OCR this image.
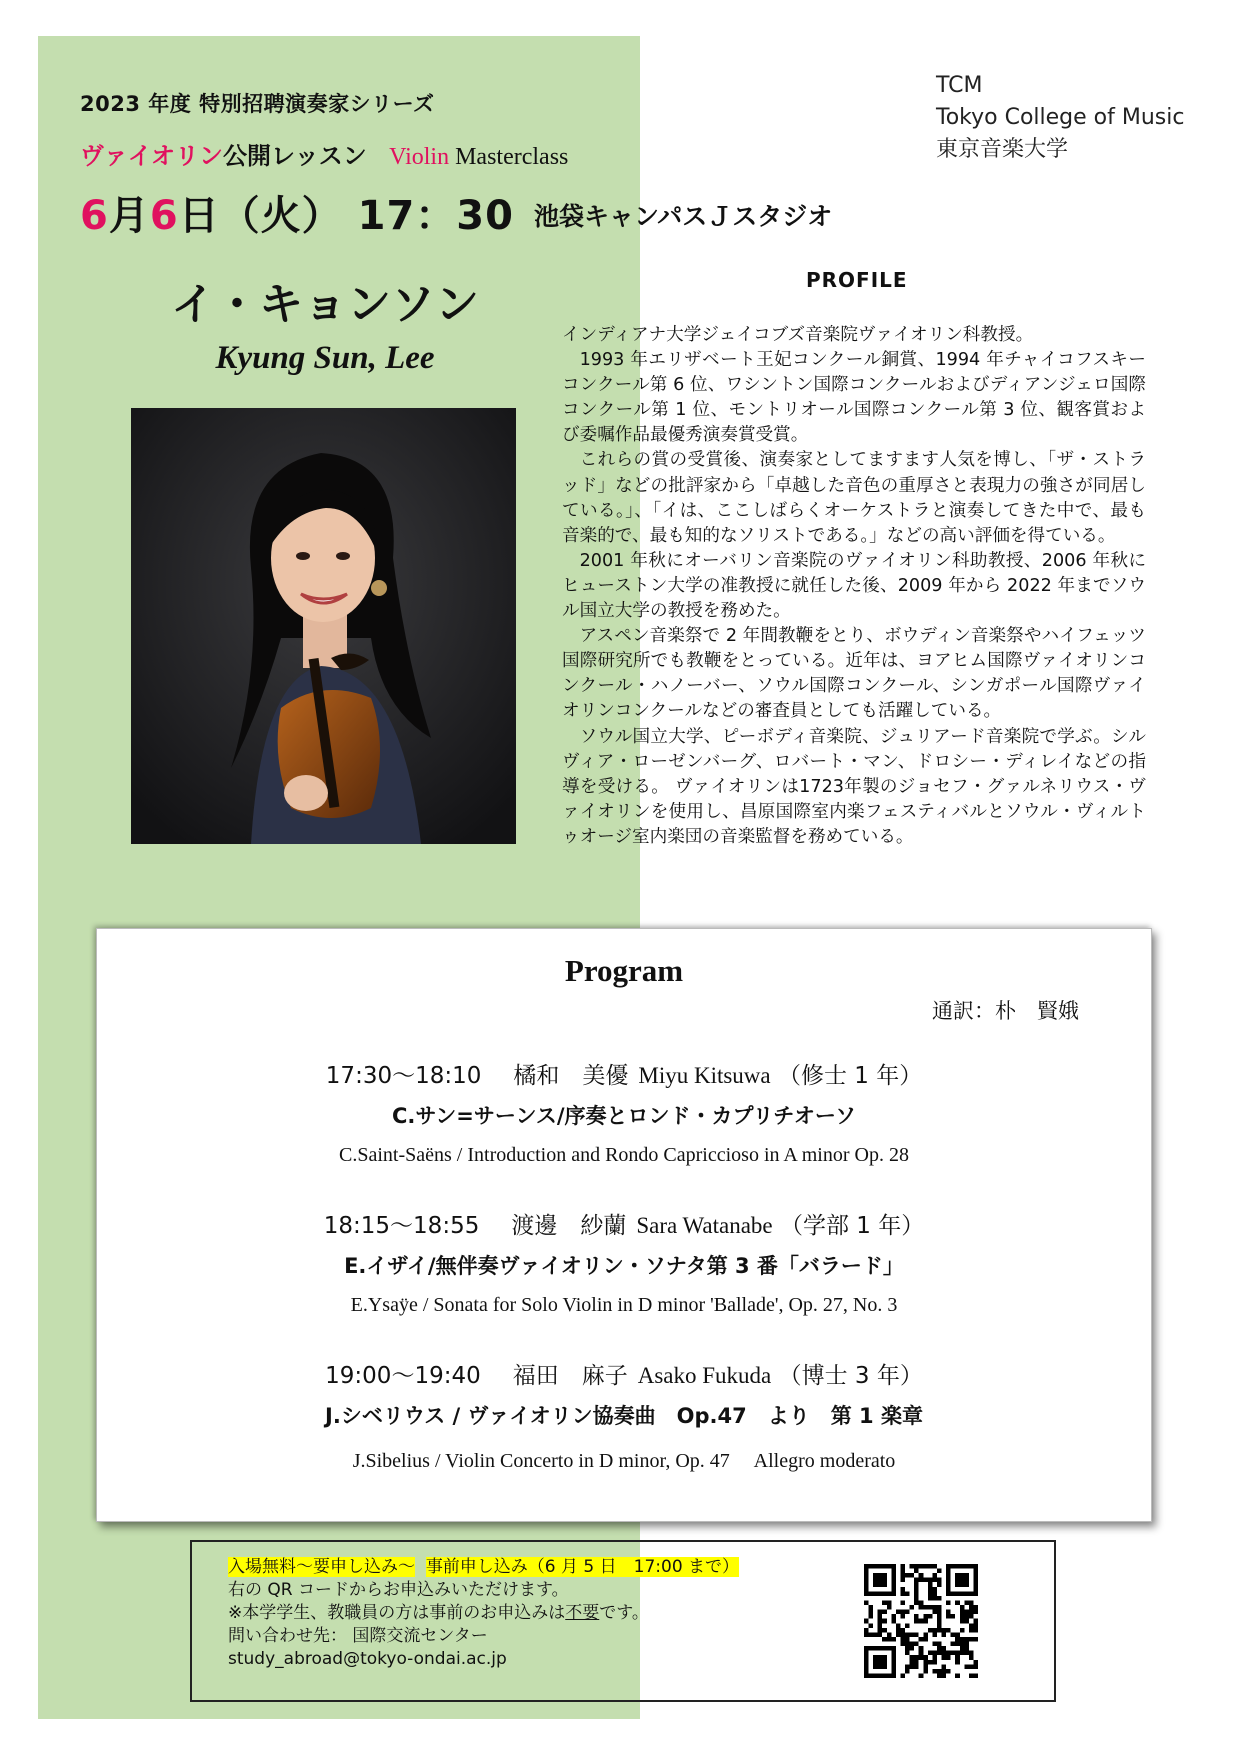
2023 年度 特別招聘演奏家シリーズ
ヴァイオリン公開レッスン Violin Masterclass
6月6日（火） 17：30 池袋キャンパスＪスタジオ
TCM
Tokyo College of Music
東京音楽大学
イ・キョンソン
Kyung Sun, Lee
PROFILE

インディアナ大学ジェイコブズ音楽院ヴァイオリン科教授。

1993 年エリザベート王妃コンクール銅賞、1994 年チャイコフスキーコンクール第 6 位、ワシントン国際コンクールおよびディアンジェロ国際コンクール第 1 位、モントリオール国際コンクール第 3 位、観客賞および委嘱作品最優秀演奏賞受賞。

これらの賞の受賞後、演奏家としてますます人気を博し、「ザ・ストラッド」などの批評家から「卓越した音色の重厚さと表現力の強さが同居している。」、「イは、ここしばらくオーケストラと演奏してきた中で、最も音楽的で、最も知的なソリストである。」などの高い評価を得ている。

2001 年秋にオーバリン音楽院のヴァイオリン科助教授、2006 年秋にヒューストン大学の准教授に就任した後、2009 年から 2022 年までソウル国立大学の教授を務めた。

アスペン音楽祭で 2 年間教鞭をとり、ボウディン音楽祭やハイフェッツ国際研究所でも教鞭をとっている。近年は、ヨアヒム国際ヴァイオリンコンクール・ハノーバー、ソウル国際コンクール、シンガポール国際ヴァイオリンコンクールなどの審査員としても活躍している。

ソウル国立大学、ピーボディ音楽院、ジュリアード音楽院で学ぶ。シルヴィア・ローゼンバーグ、ロバート・マン、ドロシー・ディレイなどの指導を受ける。 ヴァイオリンは1723年製のジョセフ・グァルネリウス・ヴァイオリンを使用し、昌原国際室内楽フェスティバルとソウル・ヴィルトゥオージ室内楽団の音楽監督を務めている。

Program
通訳：朴　賢娥
17:30～18:10 橘和　美優 Miyu Kitsuwa （修士 1 年）
C.サン=サーンス/序奏とロンド・カプリチオーソ
C.Saint-Saëns / Introduction and Rondo Capriccioso in A minor Op. 28
18:15～18:55 渡邊　紗蘭 Sara Watanabe （学部 1 年）
E.イザイ/無伴奏ヴァイオリン・ソナタ第 3 番「バラード」
E.Ysaÿe / Sonata for Solo Violin in D minor 'Ballade', Op. 27, No. 3
19:00～19:40 福田　麻子 Asako Fukuda （博士 3 年）
J.シベリウス / ヴァイオリン協奏曲　Op.47　より　第 1 楽章
J.Sibelius / Violin Concerto in D minor, Op. 47　 Allegro moderato
入場無料～要申し込み～ 事前申し込み（6 月 5 日　17:00 まで）
右の QR コードからお申込みいただけます。
※本学学生、教職員の方は事前のお申込みは不要です。
問い合わせ先： 国際交流センター
study_abroad@tokyo-ondai.ac.jp
